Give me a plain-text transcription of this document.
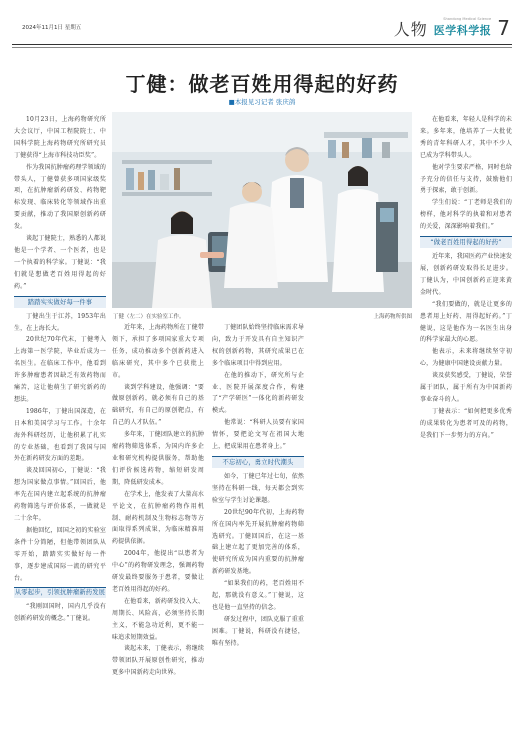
2024年11月1日 星期五	人物
Shandong Medical Science
医学科学报 7
丁健：做老百姓用得起的好药
■本报见习记者 张庆鸽

10月23日，上海药物研究所大会议厅，中国工程院院士、中国科学院上海药物研究所研究员丁健获得“上海市科技功臣奖”。

作为我国抗肿瘤药理学领域的带头人，丁健曾获多项国家级奖项，在抗肿瘤新药研发、药物靶标发现、临床转化等领域作出重要贡献，推动了我国原创新药研发。

谈起丁健院士，熟悉的人都说他是一个学者、一个医者，也是一个执着的科学家。丁健说：“我们就是想做老百姓用得起的好药。”

踏踏实实做好每一件事

丁健出生于江苏，1953年出生，在上海长大。

20世纪70年代末，丁健考入上海第一医学院，毕业后成为一名医生。在临床工作中，他看到许多肿瘤患者因缺乏有效药物而痛苦，这让他萌生了研究新药的想法。

1986年，丁健出国深造，在日本和美国学习与工作。十余年海外科研经历，让他积累了扎实的专业基础，也看到了我国与国外在新药研发方面的差距。

谈及回国初心，丁健说：“我想为国家做点事情。”回国后，他率先在国内建立起系统的抗肿瘤药物筛选与评价体系，一做就是二十余年。

据他回忆，回国之初的实验室条件十分简陋，但他带领团队从零开始，踏踏实实做好每一件事，逐步建成国际一流的研究平台。

从零起步，引领抗肿瘤新药发展

“我刚回国时，国内几乎没有创新药研发的概念。”丁健说。

丁健（左二）在实验室工作。	上海药物所供图

近年来，上海药物所在丁健带领下，承担了多项国家重大专项任务，成功推动多个创新药进入临床研究，其中多个已获批上市。

谈到学科建设，他强调：“要做原创新药，就必须有自己的基础研究，有自己的原创靶点，有自己的人才队伍。”

多年来，丁健团队建立的抗肿瘤药物筛选体系，为国内许多企业和研究机构提供服务，帮助他们评价候选药物，缩短研发周期，降低研发成本。

在学术上，他发表了大量高水平论文，在抗肿瘤药物作用机制、耐药机制及生物标志物等方面取得系列成果，为临床精准用药提供依据。

2004年，他提出“以患者为中心”的药物研发理念，强调药物研发最终要服务于患者，要做让老百姓用得起的好药。

在他看来，新药研发投入大、周期长、风险高，必须坚持长期主义，不能急功近利，更不能一味追求短期效益。

谈起未来，丁健表示，将继续带领团队开展原创性研究，推动更多中国新药走向世界。

丁健团队始终坚持临床需求导向，致力于开发具有自主知识产权的创新药物，其研究成果已在多个临床项目中得到应用。

在他的推动下，研究所与企业、医院开展深度合作，构建了“产学研医”一体化的新药研发模式。

他常说：“科研人员要有家国情怀，要把论文写在祖国大地上，把成果用在患者身上。”

不忘初心，勇立时代潮头

如今，丁健已年过七旬，依然坚持在科研一线，每天都会到实验室与学生讨论课题。

20世纪90年代初，上海药物所在国内率先开展抗肿瘤药物筛选研究。丁健回国后，在这一基础上建立起了更加完善的体系，使研究所成为国内重要的抗肿瘤新药研发基地。

“如果我们的药，老百姓用不起，那就没有意义。”丁健说，这也是他一直坚持的信念。

研发过程中，团队克服了重重困难。丁健说，科研没有捷径，唯有坚持。

在他看来，年轻人是科学的未来。多年来，他培养了一大批优秀的青年科研人才，其中不少人已成为学科带头人。

他对学生要求严格，同时也给予充分的信任与支持，鼓励他们勇于探索，敢于创新。

学生们说：“丁老师是我们的榜样，他对科学的执着和对患者的关爱，深深影响着我们。”

“做老百姓用得起的好药”

近年来，我国医药产业快速发展，创新药研发取得长足进步。丁健认为，中国创新药正迎来黄金时代。

“我们要做的，就是让更多的患者用上好药、用得起好药。”丁健说，这是他作为一名医生出身的科学家最大的心愿。

他表示，未来将继续坚守初心，为健康中国建设贡献力量。

谈及获奖感受，丁健说，荣誉属于团队，属于所有为中国新药事业奋斗的人。

丁健表示：“如何把更多优秀的成果转化为患者可及的药物，是我们下一步努力的方向。”
